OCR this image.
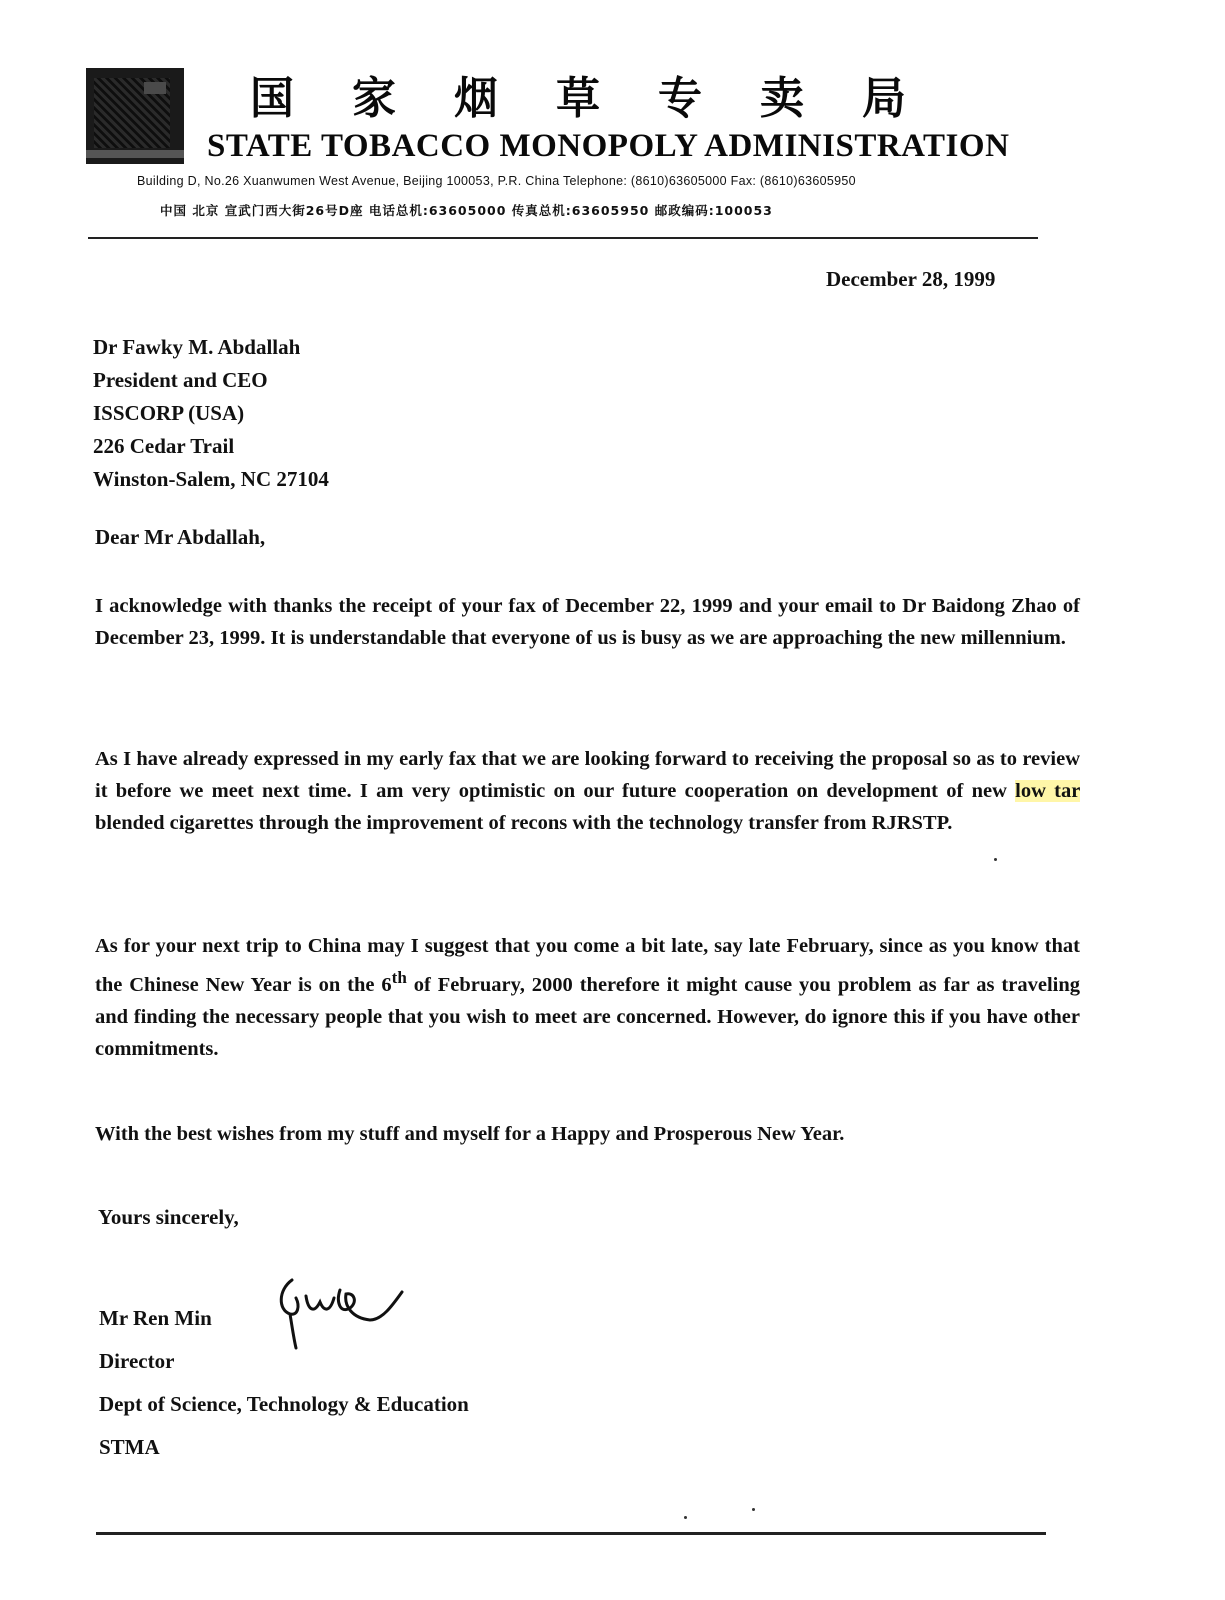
国家烟草专卖局
STATE TOBACCO MONOPOLY ADMINISTRATION
Building D, No.26 Xuanwumen West Avenue, Beijing 100053, P.R. China Telephone: (8610)63605000 Fax: (8610)63605950
中国 北京 宣武门西大街26号D座 电话总机:63605000 传真总机:63605950 邮政编码:100053
December 28, 1999
Dr Fawky M. Abdallah
President and CEO
ISSCORP (USA)
226 Cedar Trail
Winston-Salem, NC 27104
Dear Mr Abdallah,
I acknowledge with thanks the receipt of your fax of December 22, 1999 and your email to Dr Baidong Zhao of December 23, 1999. It is understandable that everyone of us is busy as we are approaching the new millennium.
As I have already expressed in my early fax that we are looking forward to receiving the proposal so as to review it before we meet next time. I am very optimistic on our future cooperation on development of new low tar blended cigarettes through the improvement of recons with the technology transfer from RJRSTP.
As for your next trip to China may I suggest that you come a bit late, say late February, since as you know that the Chinese New Year is on the 6th of February, 2000 therefore it might cause you problem as far as traveling and finding the necessary people that you wish to meet are concerned. However, do ignore this if you have other commitments.
With the best wishes from my stuff and myself for a Happy and Prosperous New Year.
Yours sincerely,
Mr Ren Min
Director
Dept of Science, Technology & Education
STMA
